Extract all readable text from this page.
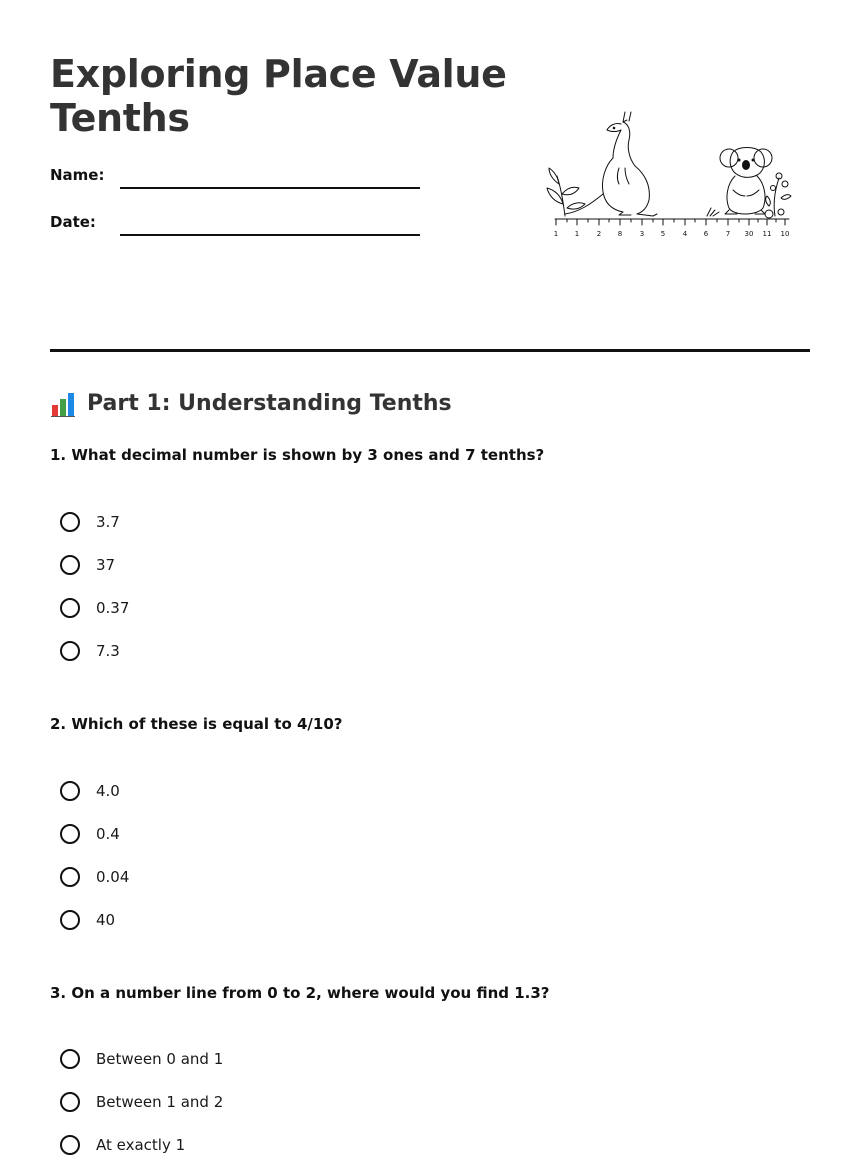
Exploring Place Value
Tenths
Name:
Date:
1 1	2 8	3 5	4 6	7 30 11 10
Part 1: Understanding Tenths

1. What decimal number is shown by 3 ones and 7 tenths?

3.7
37
0.37
7.3

2. Which of these is equal to 4/10?

4.0
0.4
0.04
40

3. On a number line from 0 to 2, where would you find 1.3?

Between 0 and 1
Between 1 and 2
At exactly 1
